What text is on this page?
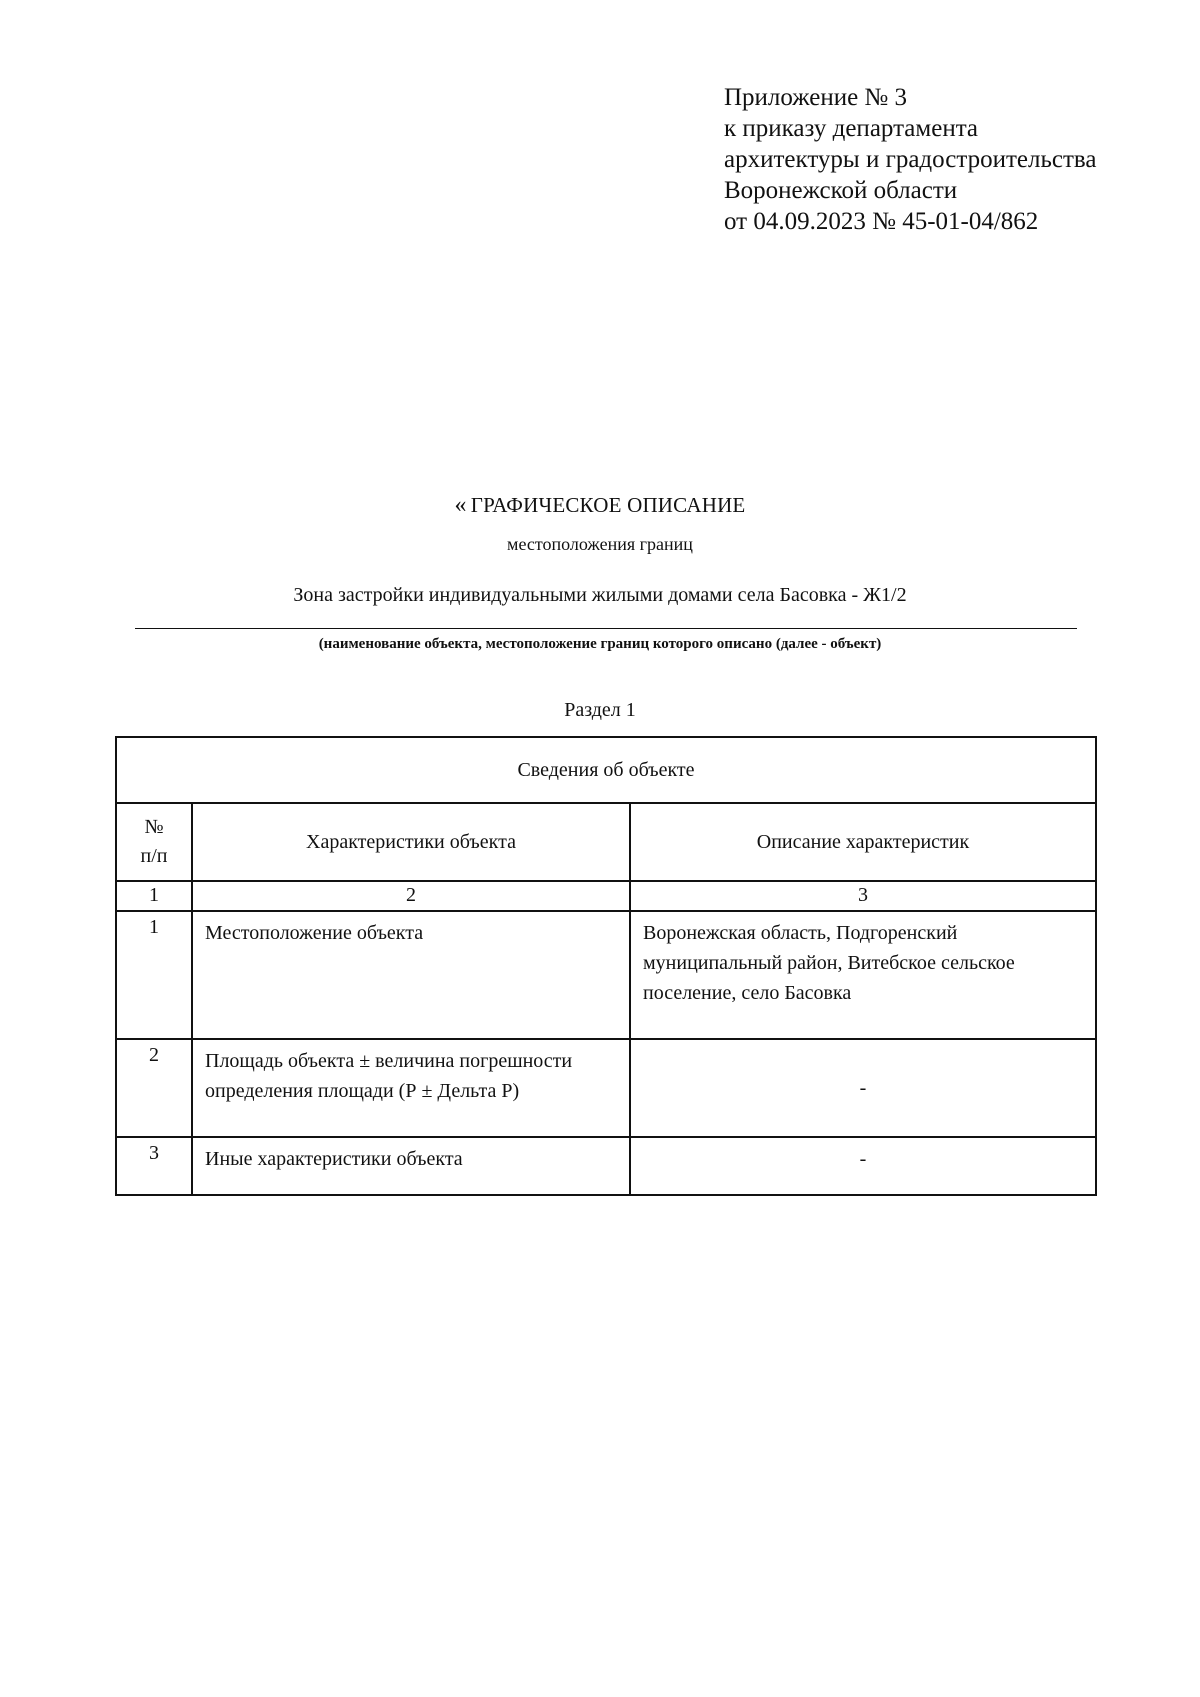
Приложение № 3
к приказу департамента
архитектуры и градостроительства
Воронежской области
от 04.09.2023 № 45-01-04/862
« ГРАФИЧЕСКОЕ ОПИСАНИЕ
местоположения границ
Зона застройки индивидуальными жилыми домами села Басовка - Ж1/2
(наименование объекта, местоположение границ которого описано (далее - объект)
Раздел 1
Сведения об объекте		

№ п/п	Характеристики объекта	Описание характеристик
1	2	3
1	Местоположение объекта	Воронежская область, Подгоренский муниципальный район, Витебское сельское поселение, село Басовка

2	Площадь объекта ± величина погрешности определения площади (Р ± Дельта Р)	-
3	Иные характеристики объекта	-
